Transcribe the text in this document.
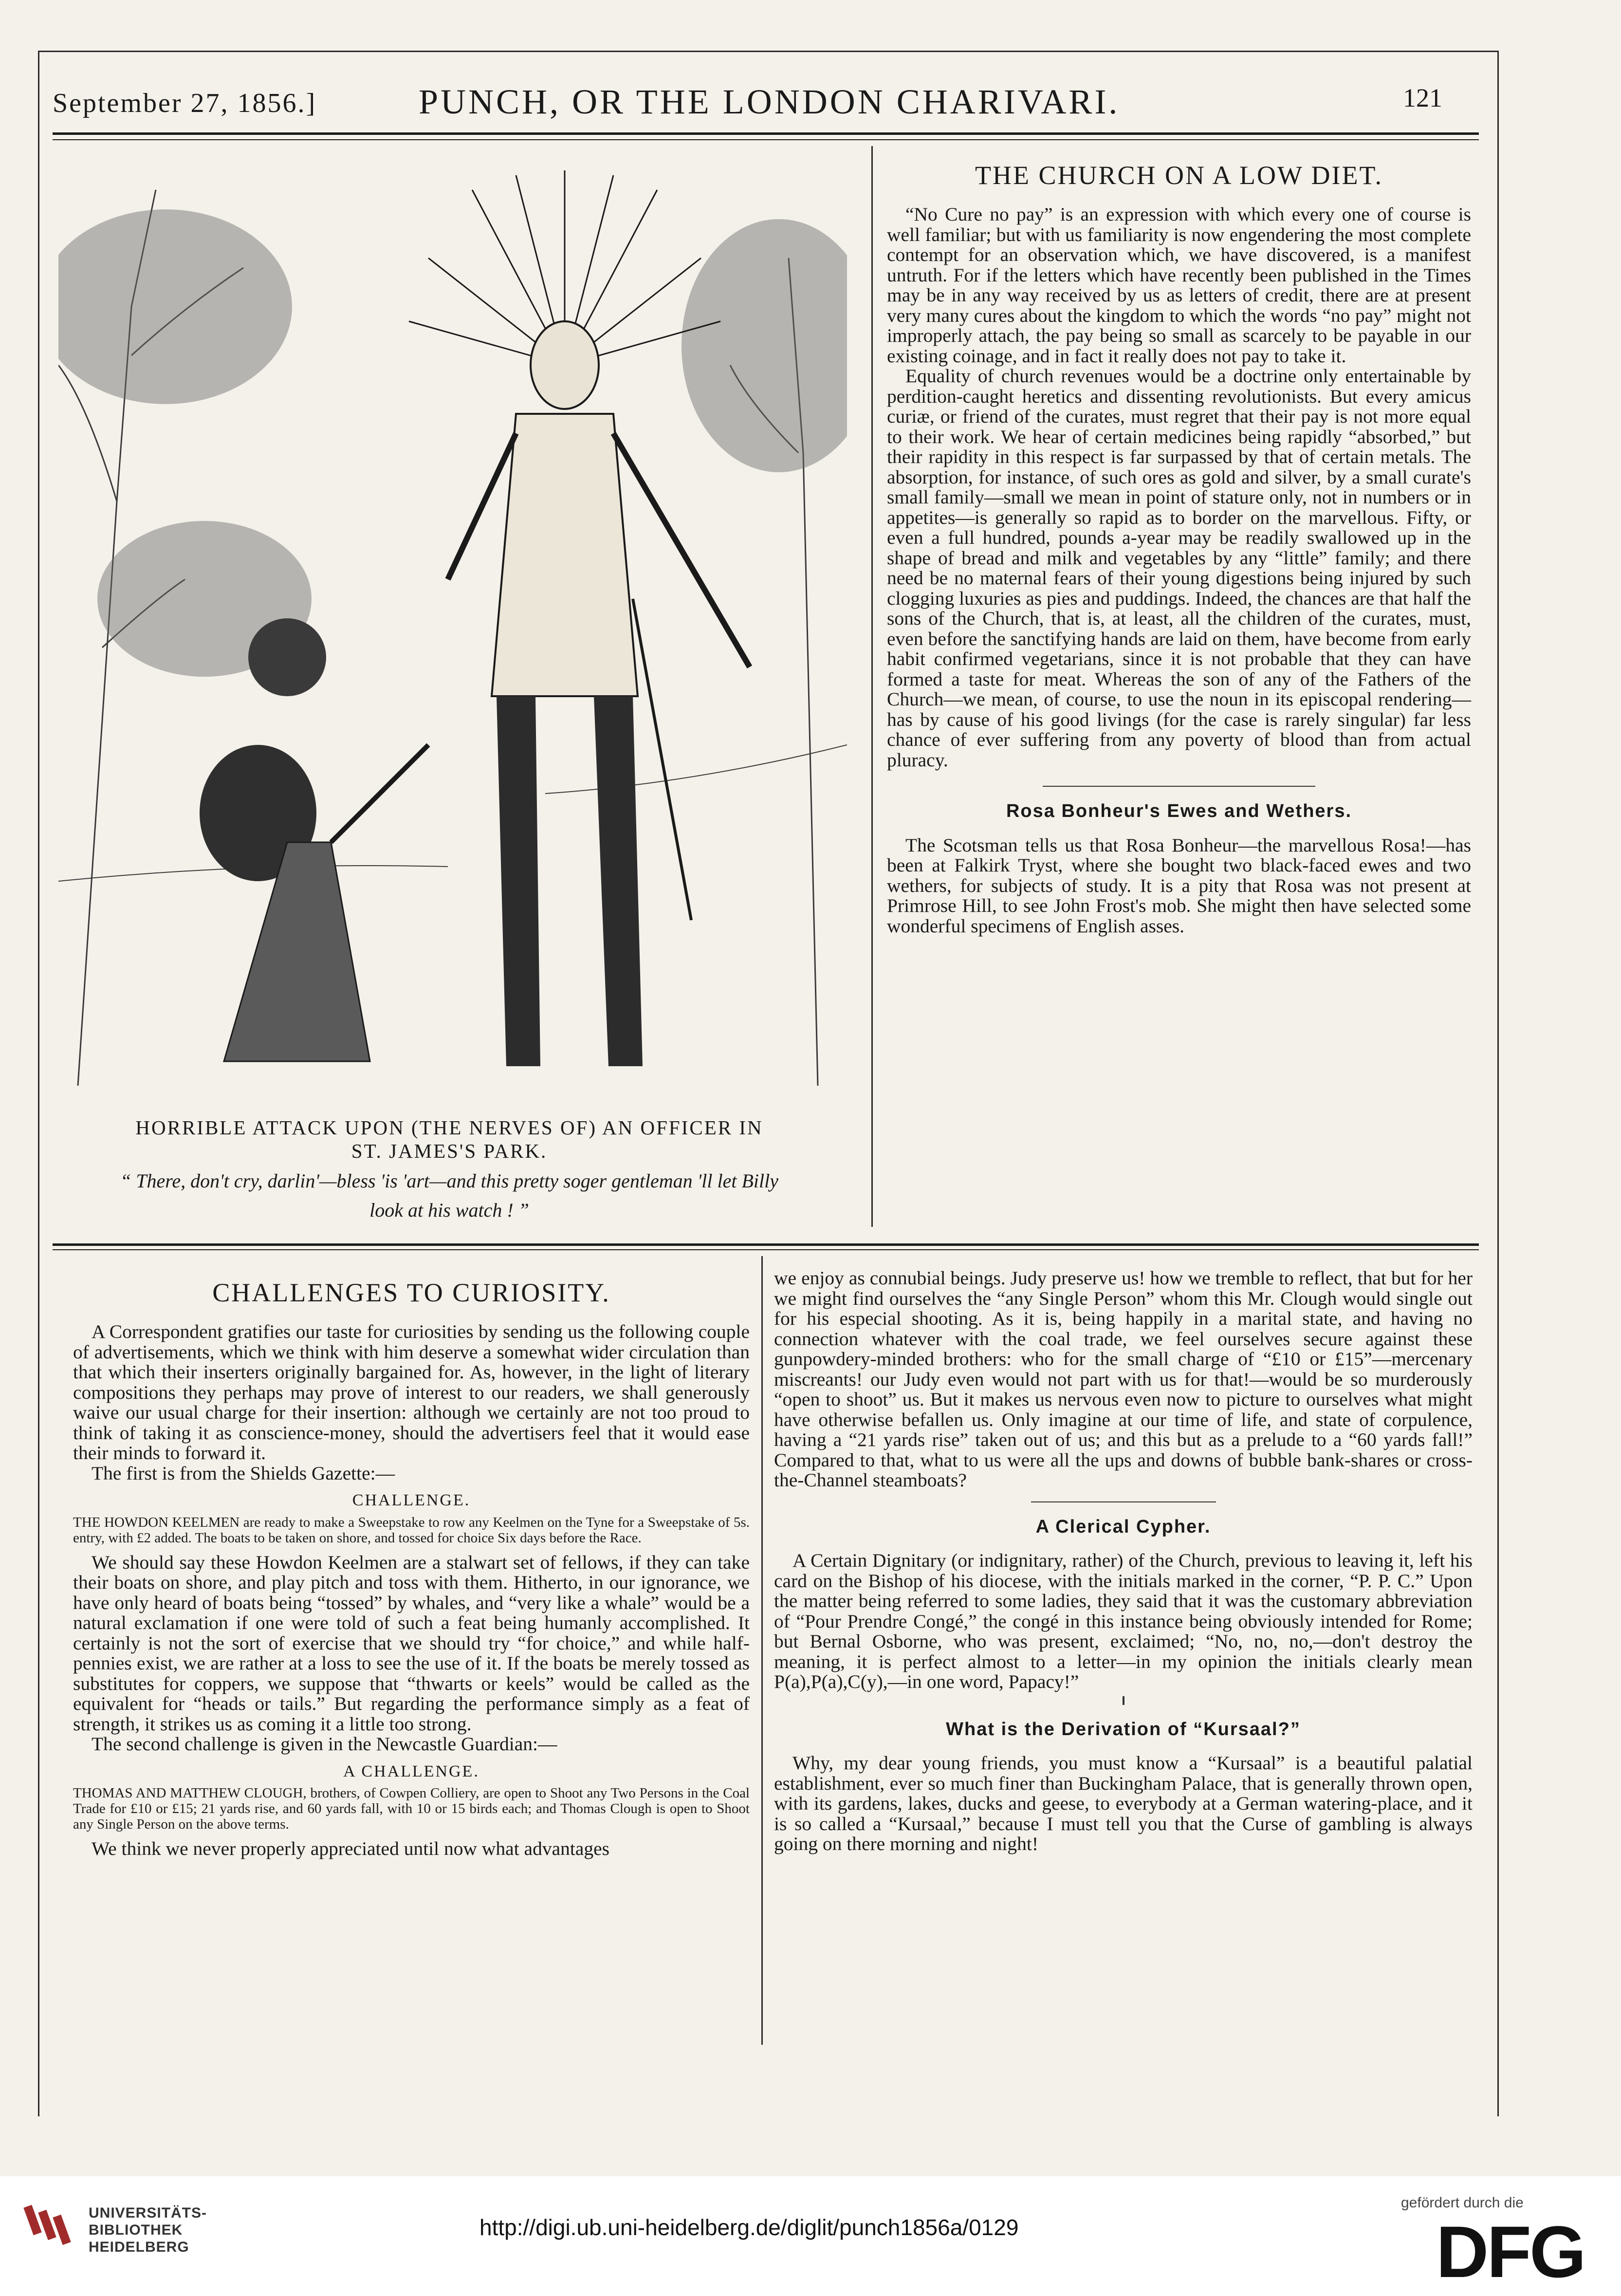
September 27, 1856.]	PUNCH, OR THE LONDON CHARIVARI.	121
HORRIBLE ATTACK UPON (THE NERVES OF) AN OFFICER IN
ST. JAMES'S PARK.
“ There, don't cry, darlin'—bless 'is 'art—and this pretty soger gentleman 'll let Billy
look at his watch ! ”
THE CHURCH ON A LOW DIET.

“No Cure no pay” is an expression with which every one of course is well familiar; but with us familiarity is now engendering the most complete contempt for an observation which, we have discovered, is a manifest untruth. For if the letters which have recently been published in the Times may be in any way received by us as letters of credit, there are at present very many cures about the kingdom to which the words “no pay” might not improperly attach, the pay being so small as scarcely to be payable in our existing coinage, and in fact it really does not pay to take it.

Equality of church revenues would be a doctrine only entertainable by perdition-caught heretics and dissenting revolutionists. But every amicus curiæ, or friend of the curates, must regret that their pay is not more equal to their work. We hear of certain medicines being rapidly “absorbed,” but their rapidity in this respect is far surpassed by that of certain metals. The absorption, for instance, of such ores as gold and silver, by a small curate's small family—small we mean in point of stature only, not in numbers or in appetites—is generally so rapid as to border on the marvellous. Fifty, or even a full hundred, pounds a-year may be readily swallowed up in the shape of bread and milk and vegetables by any “little” family; and there need be no maternal fears of their young digestions being injured by such clogging luxuries as pies and puddings. Indeed, the chances are that half the sons of the Church, that is, at least, all the children of the curates, must, even before the sanctifying hands are laid on them, have become from early habit confirmed vegetarians, since it is not probable that they can have formed a taste for meat. Whereas the son of any of the Fathers of the Church—we mean, of course, to use the noun in its episcopal rendering—has by cause of his good livings (for the case is rarely singular) far less chance of ever suffering from any poverty of blood than from actual pluracy.

Rosa Bonheur's Ewes and Wethers.

The Scotsman tells us that Rosa Bonheur—the marvellous Rosa!—has been at Falkirk Tryst, where she bought two black-faced ewes and two wethers, for subjects of study. It is a pity that Rosa was not present at Primrose Hill, to see John Frost's mob. She might then have selected some wonderful specimens of English asses.

CHALLENGES TO CURIOSITY.

A Correspondent gratifies our taste for curiosities by sending us the following couple of advertisements, which we think with him deserve a somewhat wider circulation than that which their inserters originally bargained for. As, however, in the light of literary compositions they perhaps may prove of interest to our readers, we shall generously waive our usual charge for their insertion: although we certainly are not too proud to think of taking it as conscience-money, should the advertisers feel that it would ease their minds to forward it.

The first is from the Shields Gazette:—

CHALLENGE.
THE HOWDON KEELMEN are ready to make a Sweepstake to row any Keelmen on the Tyne for a Sweepstake of 5s. entry, with £2 added. The boats to be taken on shore, and tossed for choice Six days before the Race.

We should say these Howdon Keelmen are a stalwart set of fellows, if they can take their boats on shore, and play pitch and toss with them. Hitherto, in our ignorance, we have only heard of boats being “tossed” by whales, and “very like a whale” would be a natural exclamation if one were told of such a feat being humanly accomplished. It certainly is not the sort of exercise that we should try “for choice,” and while half-pennies exist, we are rather at a loss to see the use of it. If the boats be merely tossed as substitutes for coppers, we suppose that “thwarts or keels” would be called as the equivalent for “heads or tails.” But regarding the performance simply as a feat of strength, it strikes us as coming it a little too strong.

The second challenge is given in the Newcastle Guardian:—

A CHALLENGE.
THOMAS AND MATTHEW CLOUGH, brothers, of Cowpen Colliery, are open to Shoot any Two Persons in the Coal Trade for £10 or £15; 21 yards rise, and 60 yards fall, with 10 or 15 birds each; and Thomas Clough is open to Shoot any Single Person on the above terms.

We think we never properly appreciated until now what advantages

we enjoy as connubial beings. Judy preserve us! how we tremble to reflect, that but for her we might find ourselves the “any Single Person” whom this Mr. Clough would single out for his especial shooting. As it is, being happily in a marital state, and having no connection whatever with the coal trade, we feel ourselves secure against these gunpowdery-minded brothers: who for the small charge of “£10 or £15”—mercenary miscreants! our Judy even would not part with us for that!—would be so murderously “open to shoot” us. But it makes us nervous even now to picture to ourselves what might have otherwise befallen us. Only imagine at our time of life, and state of corpulence, having a “21 yards rise” taken out of us; and this but as a prelude to a “60 yards fall!” Compared to that, what to us were all the ups and downs of bubble bank-shares or cross-the-Channel steamboats?

A Clerical Cypher.

A Certain Dignitary (or indignitary, rather) of the Church, previous to leaving it, left his card on the Bishop of his diocese, with the initials marked in the corner, “P. P. C.” Upon the matter being referred to some ladies, they said that it was the customary abbreviation of “Pour Prendre Congé,” the congé in this instance being obviously intended for Rome; but Bernal Osborne, who was present, exclaimed; “No, no, no,—don't destroy the meaning, it is perfect almost to a letter—in my opinion the initials clearly mean P(a),P(a),C(y),—in one word, Papacy!”

What is the Derivation of “Kursaal?”

Why, my dear young friends, you must know a “Kursaal” is a beautiful palatial establishment, ever so much finer than Buckingham Palace, that is generally thrown open, with its gardens, lakes, ducks and geese, to everybody at a German watering-place, and it is so called a “Kursaal,” because I must tell you that the Curse of gambling is always going on there morning and night!

UNIVERSITÄTS-
BIBLIOTHEK
HEIDELBERG
http://digi.ub.uni-heidelberg.de/diglit/punch1856a/0129
gefördert durch die
DFG
